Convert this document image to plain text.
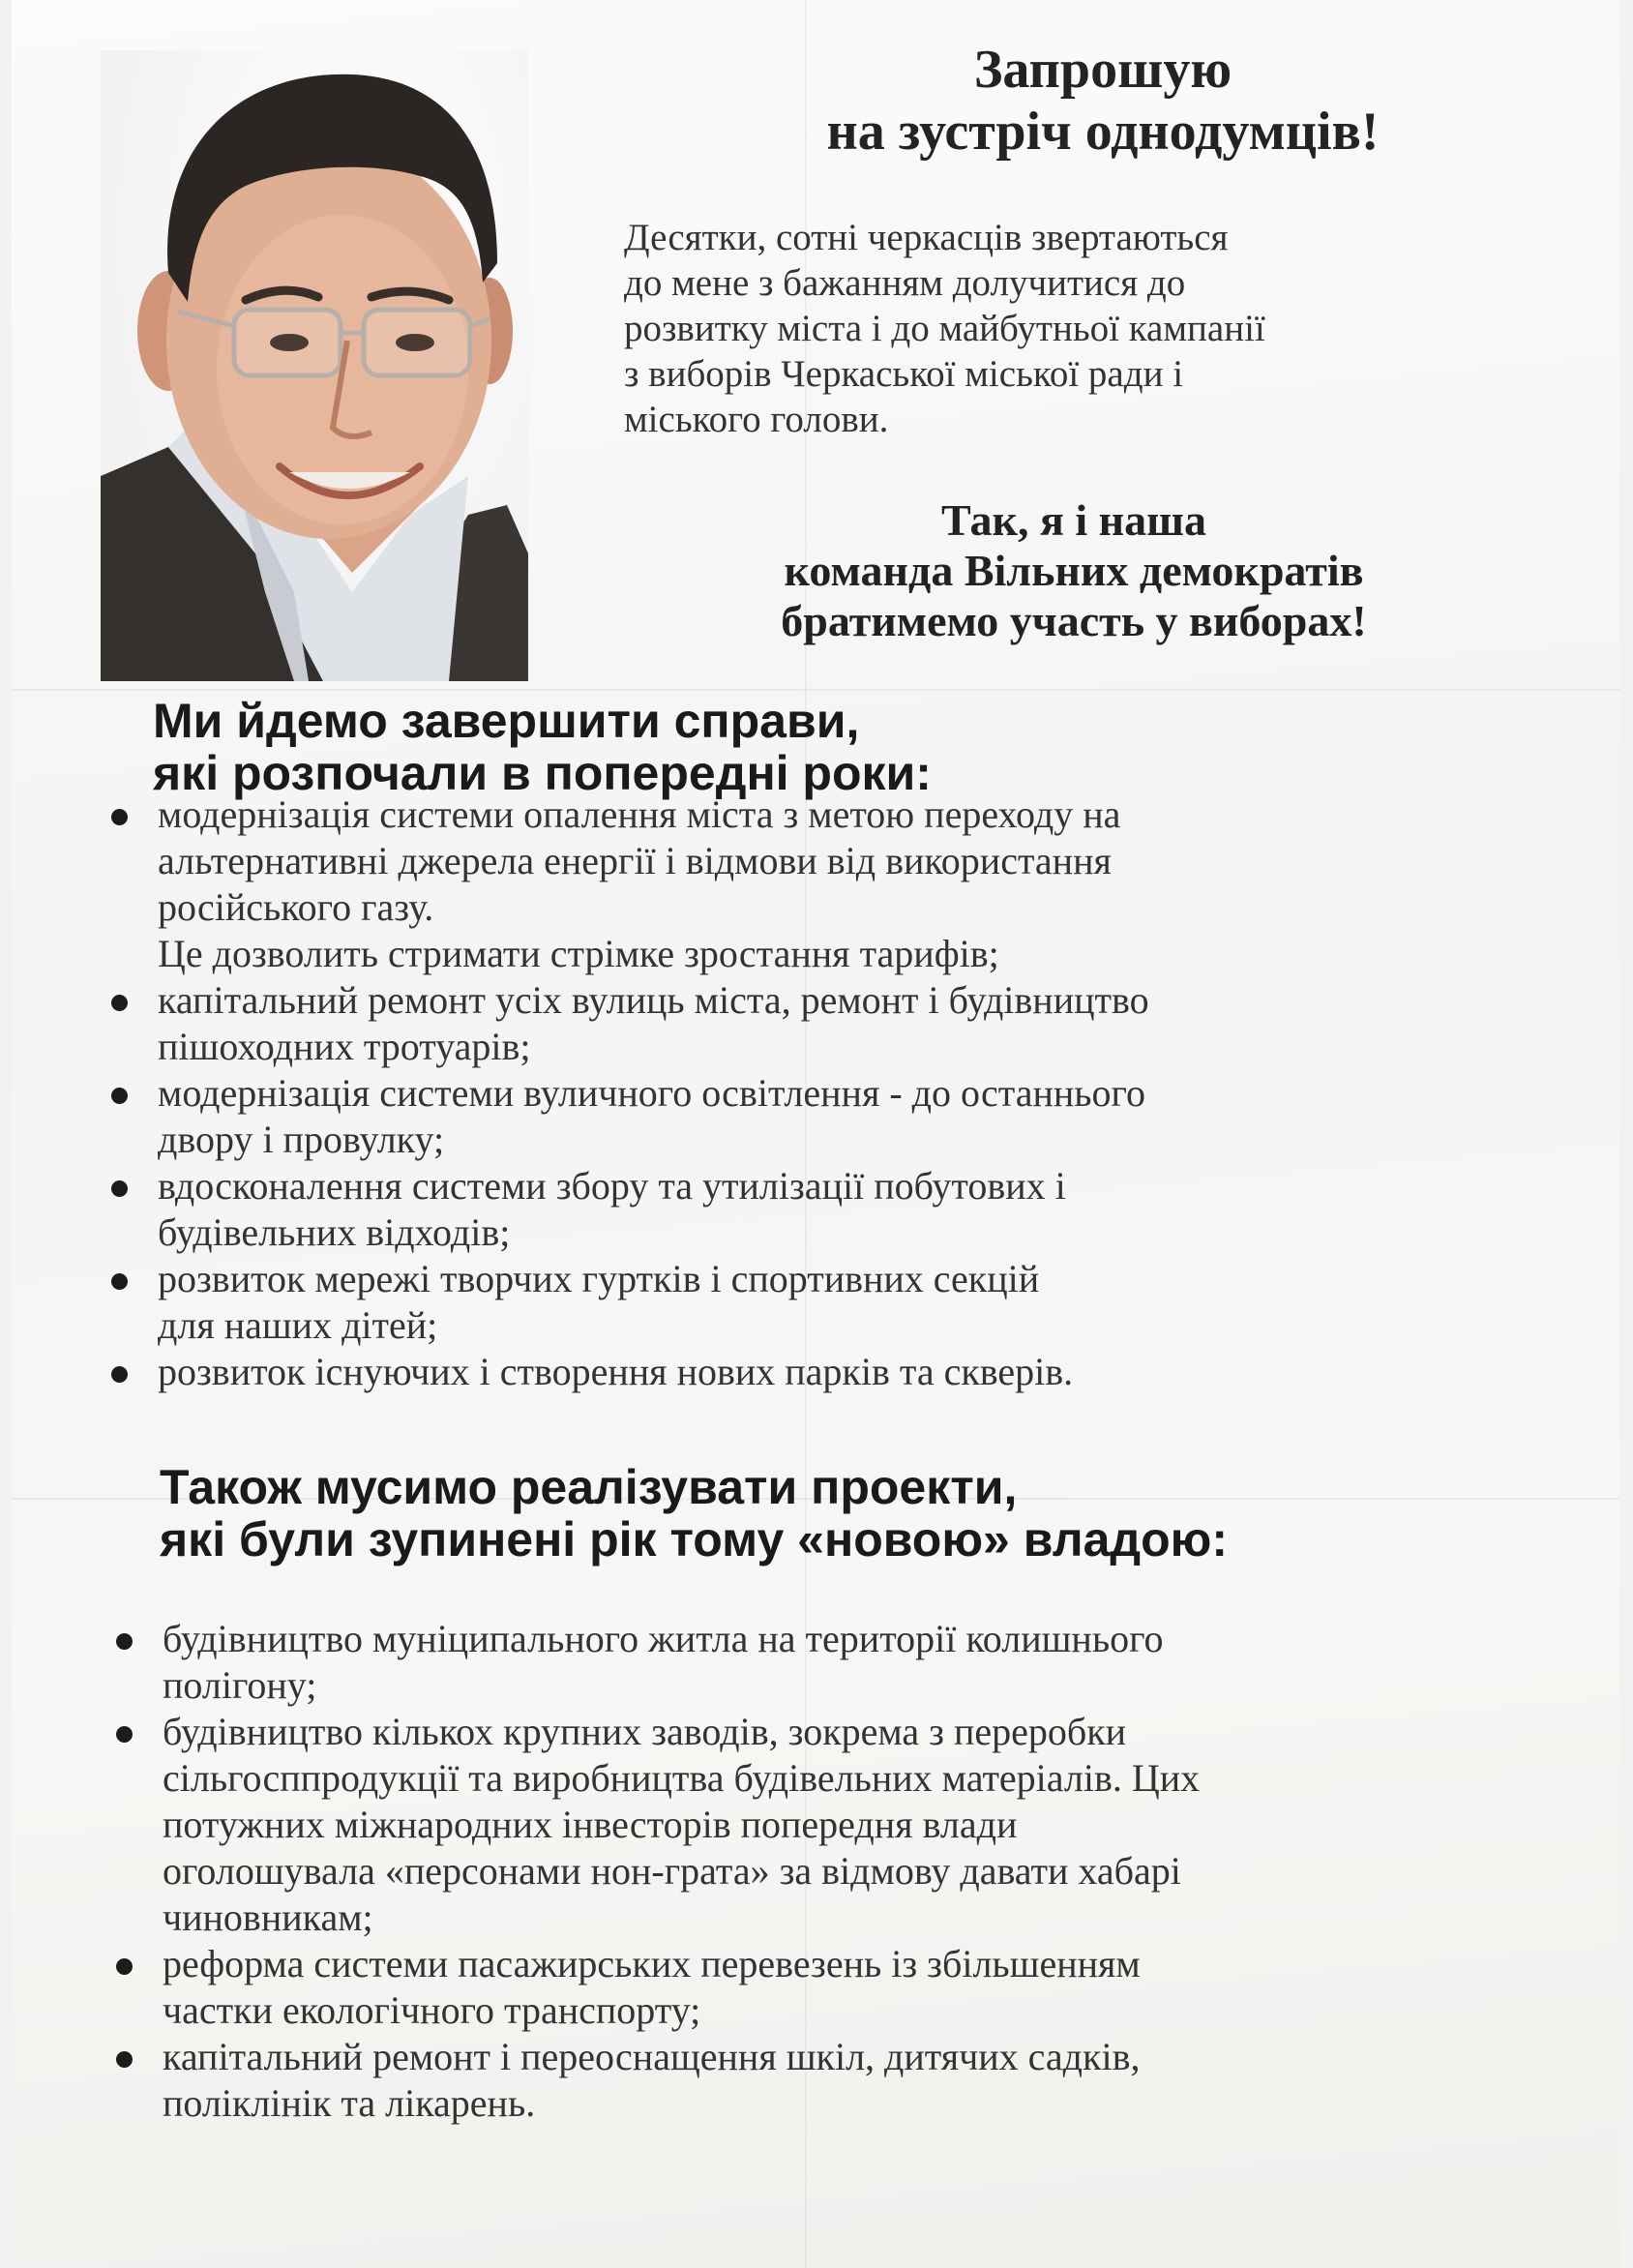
Запрошую
на зустріч однодумців!

Десятки, сотні черкасців звертаються
до мене з бажанням долучитися до
розвитку міста і до майбутньої кампанії
з виборів Черкаської міської ради і
міського голови.

Так, я і наша
команда Вільних демократів
братимемо участь у виборах!

Ми йдемо завершити справи,
які розпочали в попередні роки:
модернізація системи опалення міста з метою переходу на
альтернативні джерела енергії і відмови від використання
російського газу.
Це дозволить стримати стрімке зростання тарифів;
капітальний ремонт усіх вулиць міста, ремонт і будівництво
пішоходних тротуарів;
модернізація системи вуличного освітлення - до останнього
двору і провулку;
вдосконалення системи збору та утилізації побутових і
будівельних відходів;
розвиток мережі творчих гуртків і спортивних секцій
для наших дітей;
розвиток існуючих і створення нових парків та скверів.
Також мусимо реалізувати проекти,
які були зупинені рік тому «новою» владою:
будівництво муніципального житла на території колишнього
полігону;
будівництво кількох крупних заводів, зокрема з переробки
сільгосппродукції та виробництва будівельних матеріалів. Цих
потужних міжнародних інвесторів попередня влади
оголошувала «персонами нон-грата» за відмову давати хабарі
чиновникам;
реформа системи пасажирських перевезень із збільшенням
частки екологічного транспорту;
капітальний ремонт і переоснащення шкіл, дитячих садків,
поліклінік та лікарень.
